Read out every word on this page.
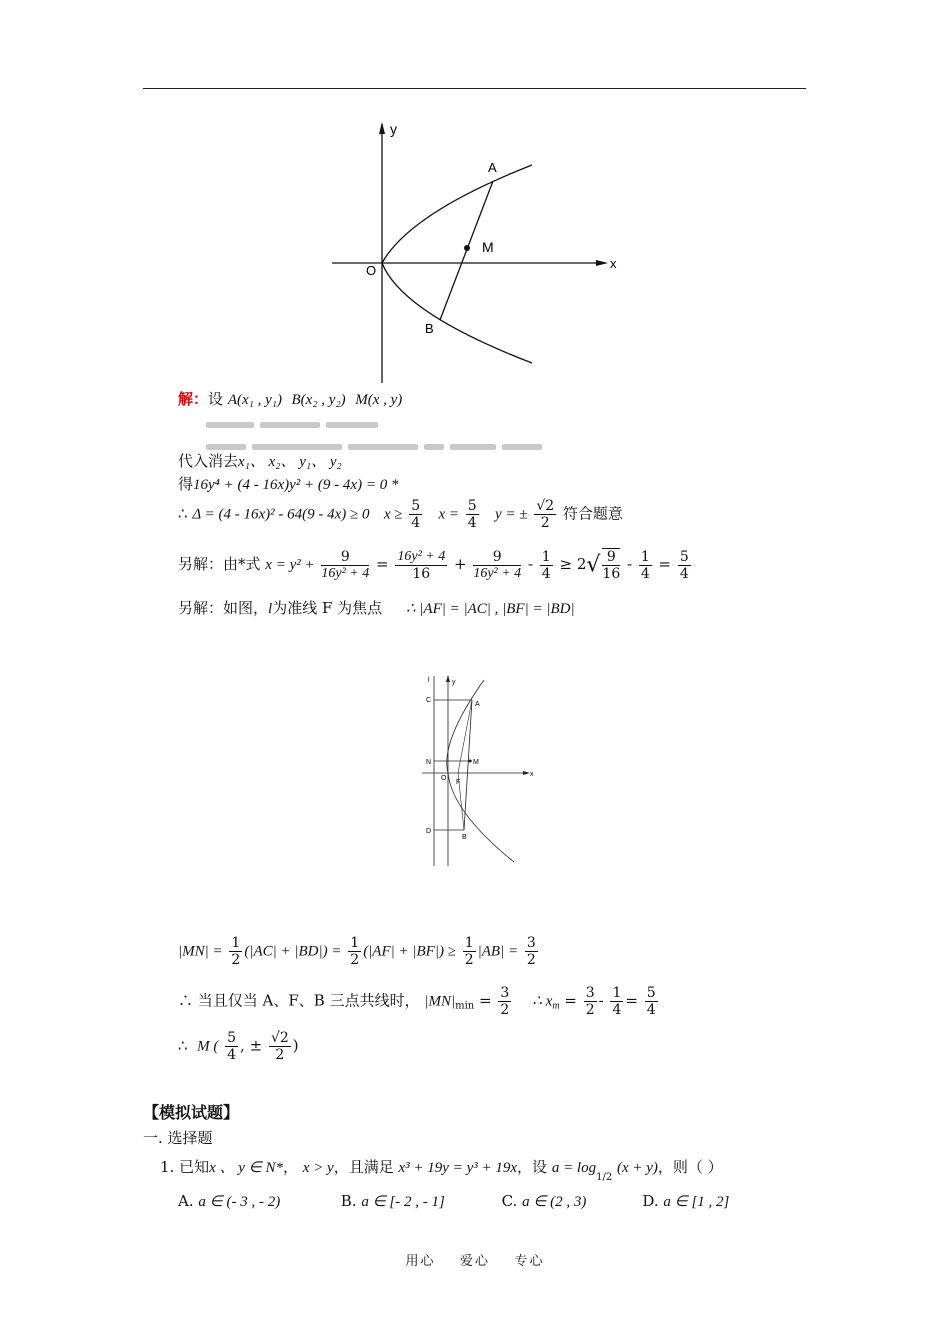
y
x
O
A
B
M
解：设 A(x₁ , y₁) B(x₂ , y₂) M(x , y)
代入消去x₁、 x₂、 y₁、 y₂
得16y⁴ + (4 - 16x)y² + (9 - 4x) = 0 *
∴ Δ = (4 - 16x)² - 64(9 - 4x) ≥ 0 $x \ge \frac{5}{4}$ $x = \frac{5}{4}$ y = ± $\frac{√2}{2}$ 符合题意
另解：由*式 $x = y^2 + \frac{9}{\text{16y² + 4}} = \frac{\text{16y² + 4}}{16} + \frac{9}{\text{16y² + 4}} - \frac{1}{4} \ge 2√ \frac{9}{16} - \frac{1}{4} = \frac{5}{4}$
另解：如图，l为准线 F 为焦点 ∴ |AF| = |AC| , |BF| = |BD|
l	y
x
C
A
N	M
O
F
D
B
$|MN| = \frac{1}{2} (|AC| + |BD|) = \frac{1}{2} (|AF| + |BF|) \ge \frac{1}{2} |AB| = \frac{3}{2}$
∴ 当且仅当 A、F、B 三点共线时， $|MN|_{min} = \frac{3}{2}$ ∴ $x_m = \frac{3}{2} - \frac{1}{4} = \frac{5}{4}$
∴ M ( $\frac{5}{4}$ , ± $\frac{√2}{2}$ )
【模拟试题】
一. 选择题
1. 已知x 、 y ∈ N*， x > y，且满足 x³ + 19y = y³ + 19x，设 $a = \log_{1/2} (x + y)$，则（ ）
A. a ∈ (- 3 , - 2)	B. a ∈ [- 2 , - 1]	C. a ∈ (2 , 3)	D. a ∈ [1 , 2]
用心    爱心    专心
